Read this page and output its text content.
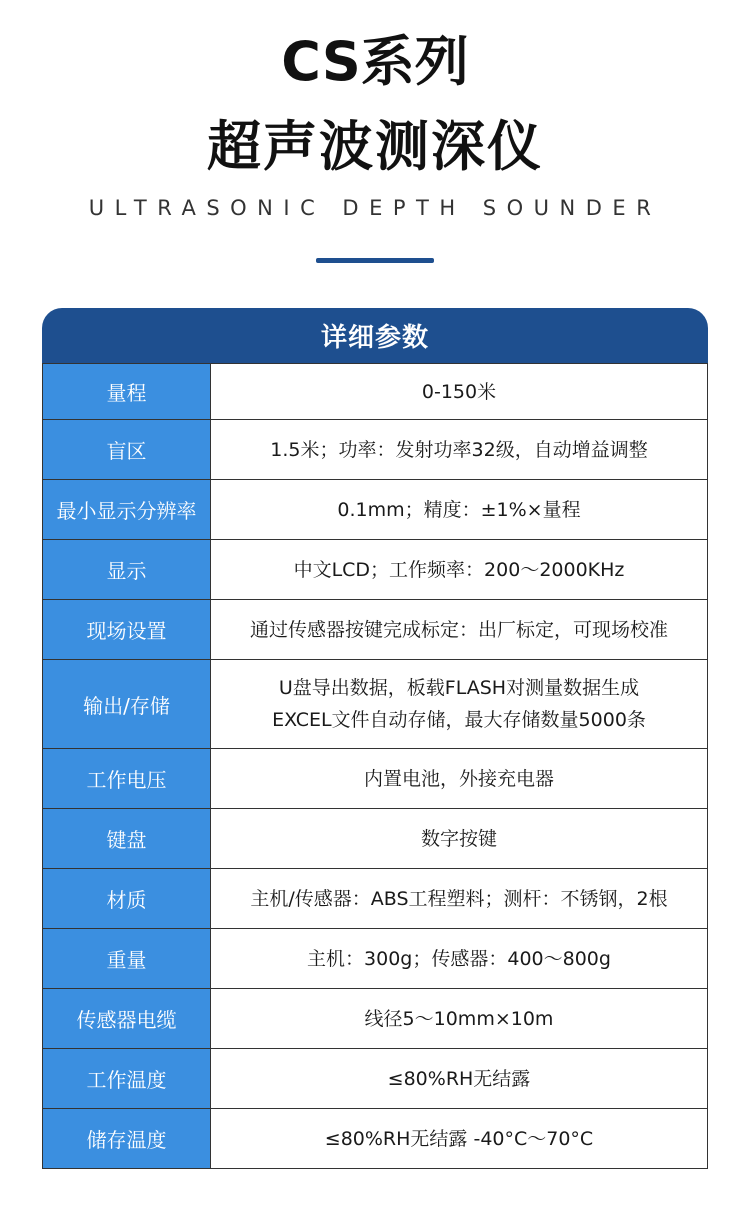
CS系列
超声波测深仪
ULTRASONIC DEPTH SOUNDER
详细参数
量程	0-150米

盲区	1.5米；功率：发射功率32级，自动增益调整

最小显示分辨率	0.1mm；精度：±1%×量程

显示	中文LCD；工作频率：200～2000KHz

现场设置	通过传感器按键完成标定：出厂标定，可现场校准

输出/存储	U盘导出数据，板载FLASH对测量数据生成
EXCEL文件自动存储，最大存储数量5000条

工作电压	内置电池，外接充电器

键盘	数字按键

材质	主机/传感器：ABS工程塑料；测杆：不锈钢，2根

重量	主机：300g；传感器：400～800g

传感器电缆	线径5～10mm×10m

工作温度	≤80%RH无结露

储存温度	≤80%RH无结露 -40°C～70°C
